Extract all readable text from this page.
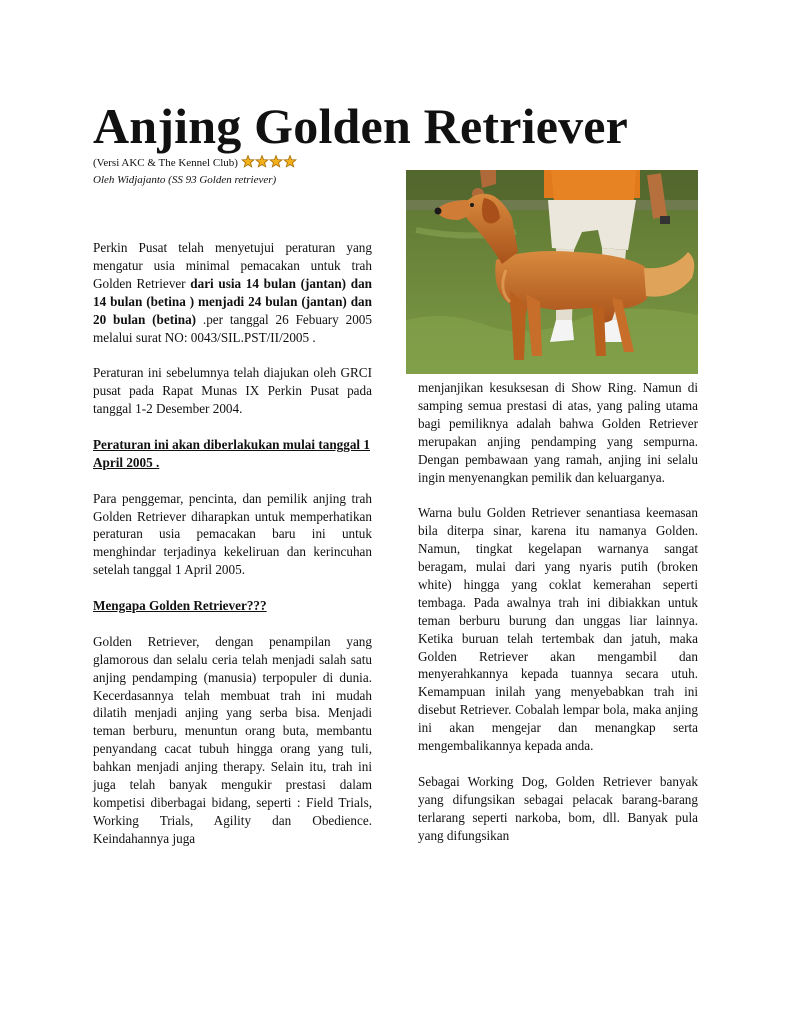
Anjing Golden Retriever
(Versi AKC & The Kennel Club)
Oleh Widjajanto (SS 93 Golden retriever)

Perkin Pusat telah menyetujui peraturan yang mengatur usia minimal pemacakan untuk trah Golden Retriever dari usia 14 bulan (jantan) dan 14 bulan (betina ) menjadi 24 bulan (jantan) dan 20 bulan (betina) .per tanggal 26 Febuary 2005 melalui surat NO: 0043/SIL.PST/II/2005 .

Peraturan ini sebelumnya telah diajukan oleh GRCI pusat pada Rapat Munas IX Perkin Pusat pada tanggal 1-2 Desember 2004.

Peraturan ini akan diberlakukan mulai tanggal 1 April 2005 .

Para penggemar, pencinta, dan pemilik anjing trah Golden Retriever diharapkan untuk memperhatikan peraturan usia pemacakan baru ini untuk menghindar terjadinya kekeliruan dan kerincuhan setelah tanggal 1 April 2005.

Mengapa Golden Retriever???

Golden Retriever, dengan penampilan yang glamorous dan selalu ceria telah menjadi salah satu anjing pendamping (manusia) terpopuler di dunia. Kecerdasannya telah membuat trah ini mudah dilatih menjadi anjing yang serba bisa. Menjadi teman berburu, menuntun orang buta, membantu penyandang cacat tubuh hingga orang yang tuli, bahkan menjadi anjing therapy. Selain itu, trah ini juga telah banyak mengukir prestasi dalam kompetisi diberbagai bidang, seperti : Field Trials, Working Trials, Agility dan Obedience. Keindahannya juga

menjanjikan kesuksesan di Show Ring. Namun di samping semua prestasi di atas, yang paling utama bagi pemiliknya adalah bahwa Golden Retriever merupakan anjing pendamping yang sempurna. Dengan pembawaan yang ramah, anjing ini selalu ingin menyenangkan pemilik dan keluarganya.

Warna bulu Golden Retriever senantiasa keemasan bila diterpa sinar, karena itu namanya Golden. Namun, tingkat kegelapan warnanya sangat beragam, mulai dari yang nyaris putih (broken white) hingga yang coklat kemerahan seperti tembaga. Pada awalnya trah ini dibiakkan untuk teman berburu burung dan unggas liar lainnya. Ketika buruan telah tertembak dan jatuh, maka Golden Retriever akan mengambil dan menyerahkannya kepada tuannya secara utuh. Kemampuan inilah yang menyebabkan trah ini disebut Retriever. Cobalah lempar bola, maka anjing ini akan mengejar dan menangkap serta mengembalikannya kepada anda.

Sebagai Working Dog, Golden Retriever banyak yang difungsikan sebagai pelacak barang-barang terlarang seperti narkoba, bom, dll. Banyak pula yang difungsikan
